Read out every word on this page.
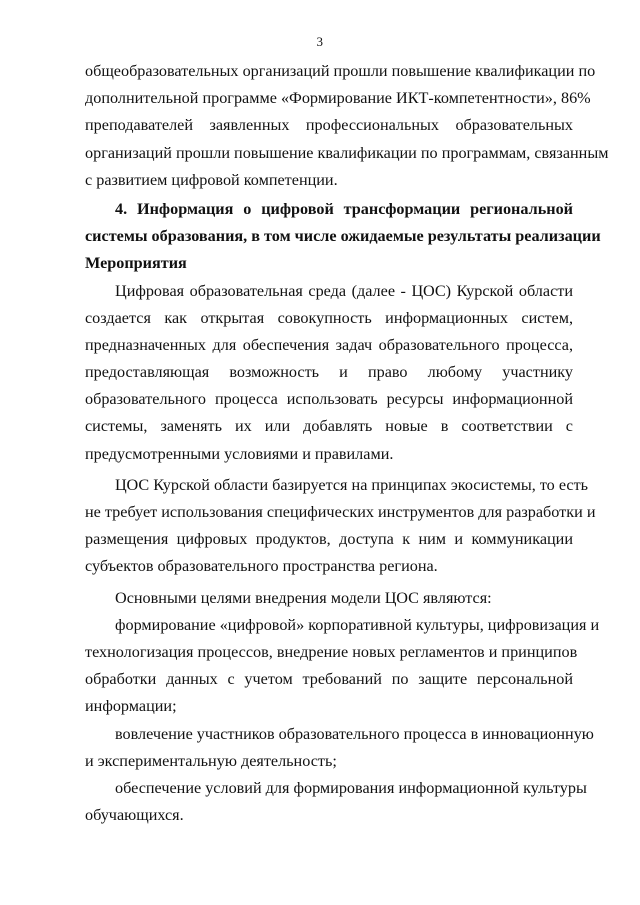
3
общеобразовательных организаций прошли повышение квалификации по
дополнительной программе «Формирование ИКТ-компетентности», 86%
преподавателей заявленных профессиональных образовательных
организаций прошли повышение квалификации по программам, связанным
с развитием цифровой компетенции.
4. Информация о цифровой трансформации региональной
системы образования, в том числе ожидаемые результаты реализации
Мероприятия
Цифровая образовательная среда (далее - ЦОС) Курской области
создается как открытая совокупность информационных систем,
предназначенных для обеспечения задач образовательного процесса,
предоставляющая возможность и право любому участнику
образовательного процесса использовать ресурсы информационной
системы, заменять их или добавлять новые в соответствии с
предусмотренными условиями и правилами.
ЦОС Курской области базируется на принципах экосистемы, то есть
не требует использования специфических инструментов для разработки и
размещения цифровых продуктов, доступа к ним и коммуникации
субъектов образовательного пространства региона.
Основными целями внедрения модели ЦОС являются:
формирование «цифровой» корпоративной культуры, цифровизация и
технологизация процессов, внедрение новых регламентов и принципов
обработки данных с учетом требований по защите персональной
информации;
вовлечение участников образовательного процесса в инновационную
и экспериментальную деятельность;
обеспечение условий для формирования информационной культуры
обучающихся.
